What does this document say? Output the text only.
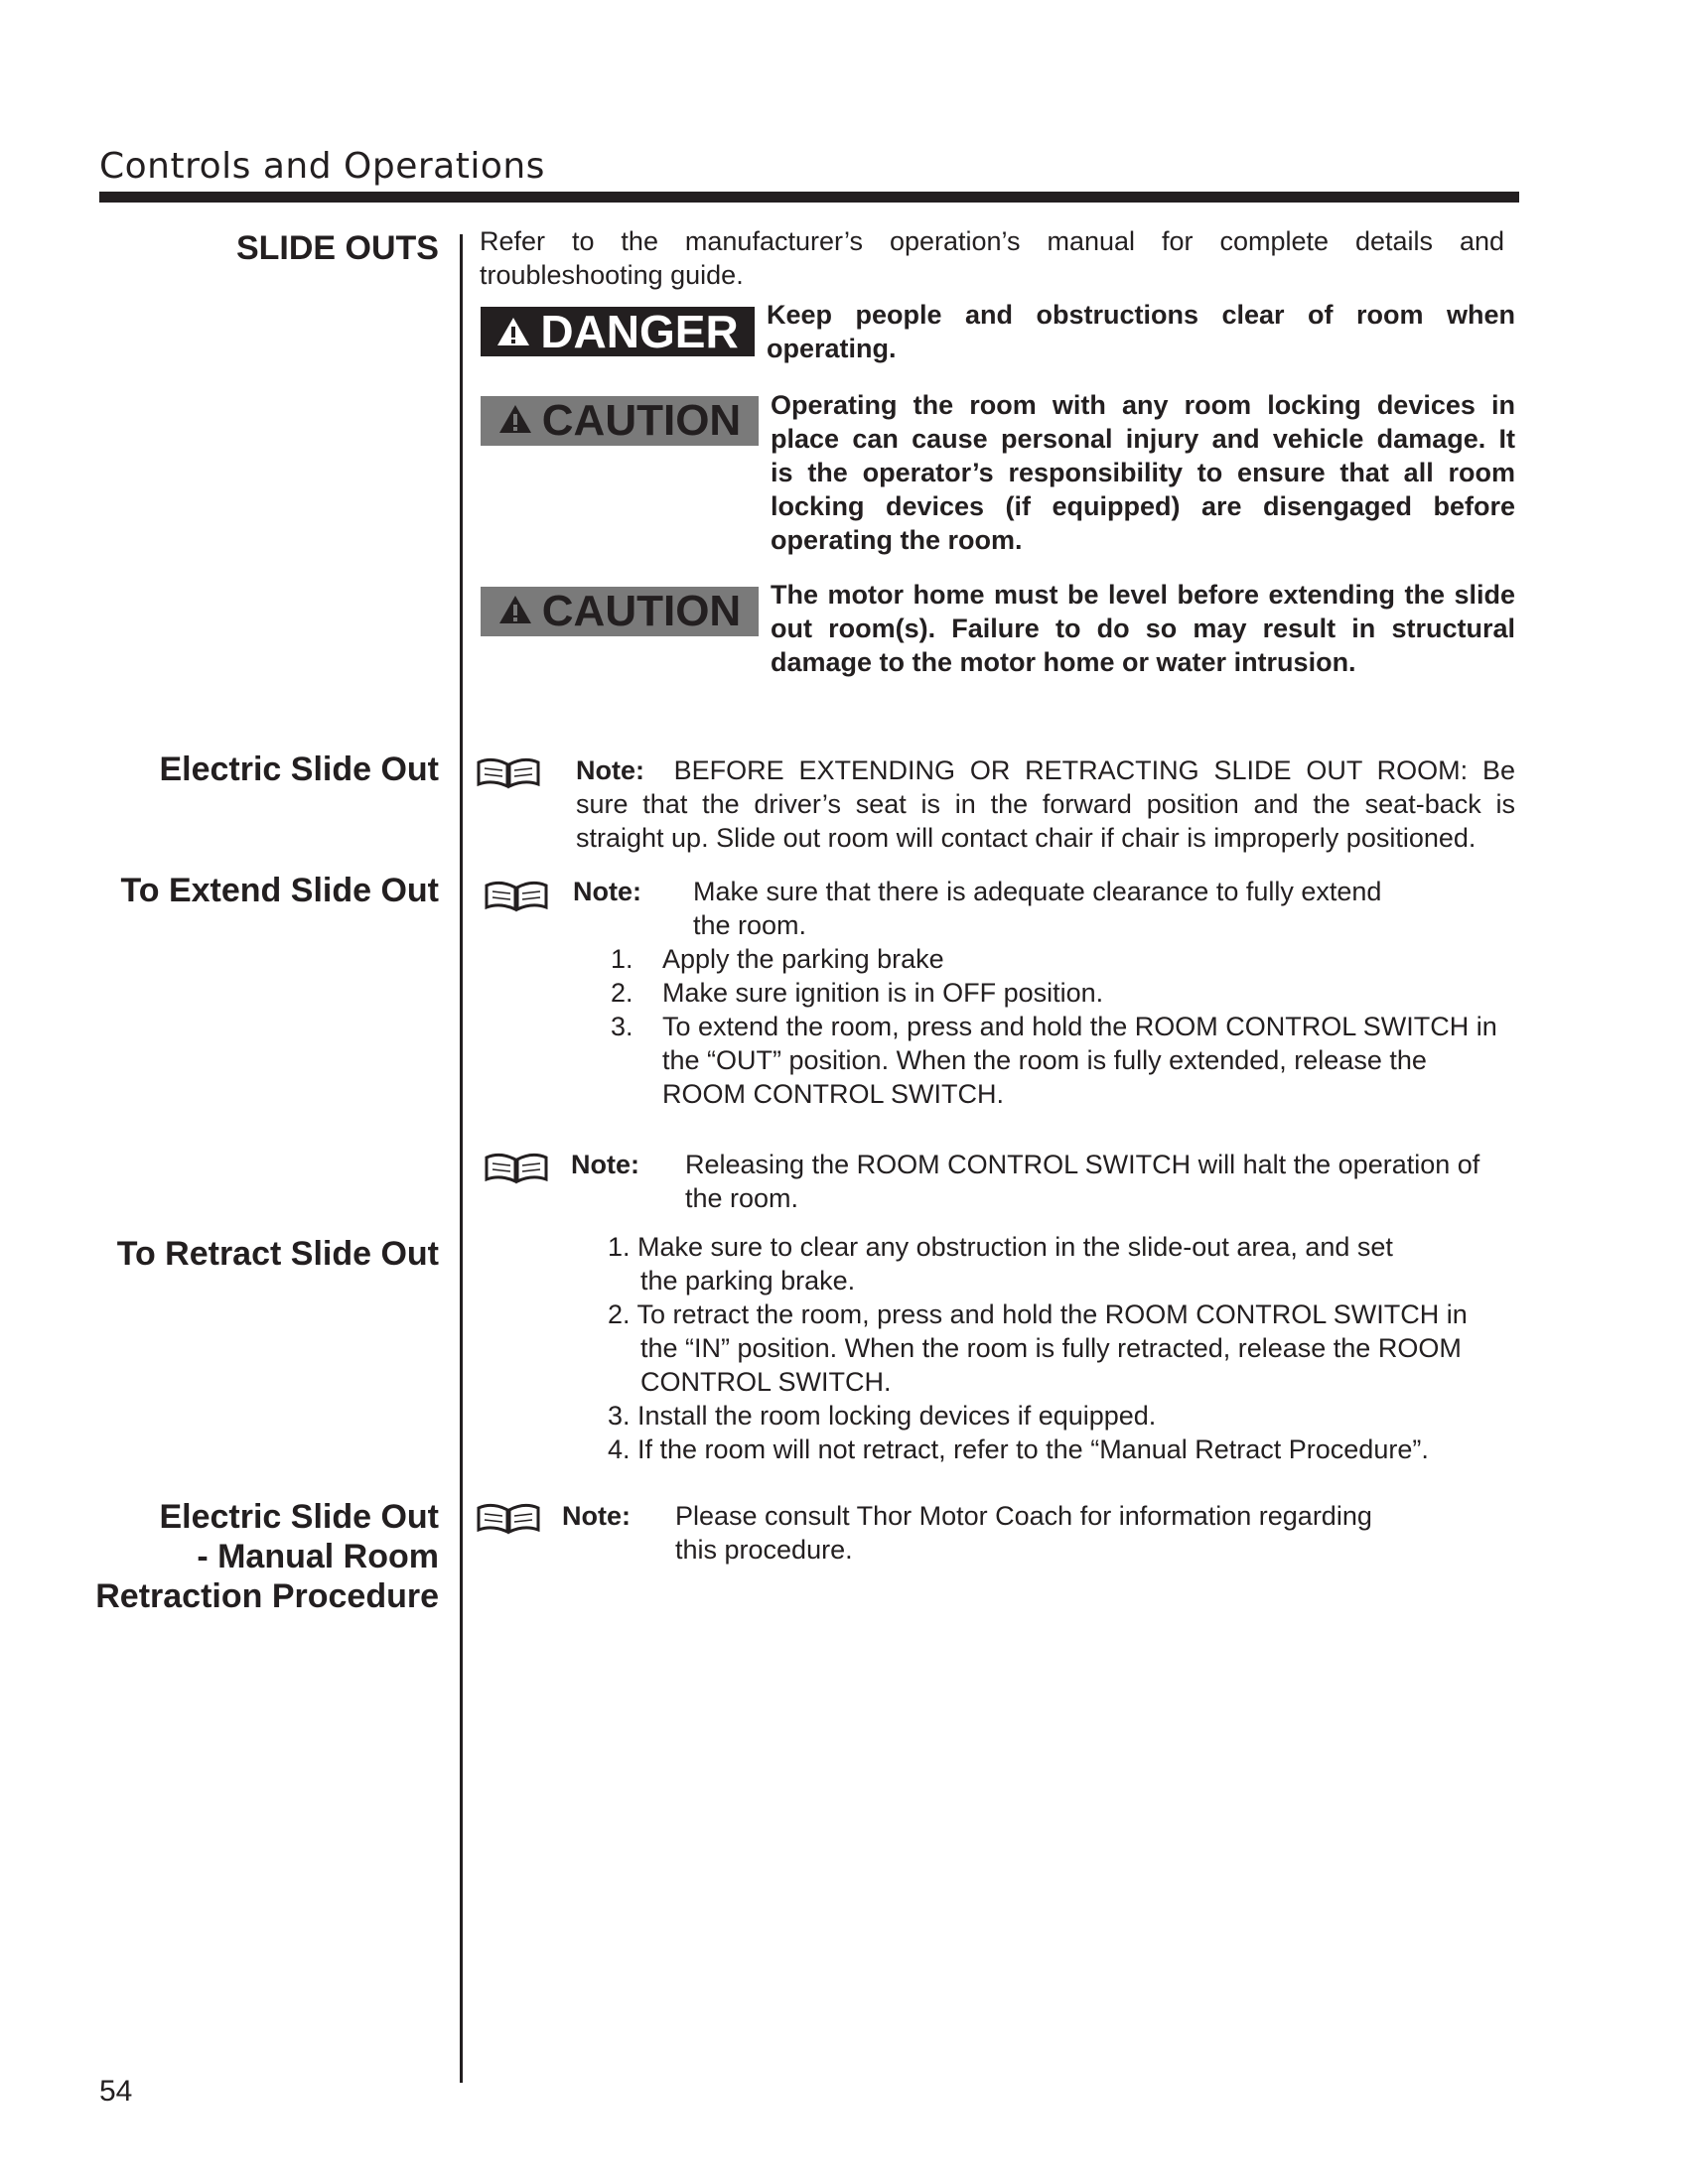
Controls and Operations
SLIDE OUTS
Electric Slide Out
To Extend Slide Out
To Retract Slide Out
Electric Slide Out
- Manual Room
Retraction Procedure
Refer to the manufacturer’s operation’s manual for complete details and
troubleshooting guide.
DANGER Keep people and obstructions clear of room when
operating.
CAUTION Operating the room with any room locking devices in
place can cause personal injury and vehicle damage. It
is the operator’s responsibility to ensure that all room
locking devices (if equipped) are disengaged before
operating the room.
CAUTION The motor home must be level before extending the slide
out room(s). Failure to do so may result in structural
damage to the motor home or water intrusion.
Note: BEFORE EXTENDING OR RETRACTING SLIDE OUT ROOM: Be
sure that the driver’s seat is in the forward position and the seat-back is
straight up. Slide out room will contact chair if chair is improperly positioned.
Note: Make sure that there is adequate clearance to fully extend
the room.
1. Apply the parking brake
2. Make sure ignition is in OFF position.
3. To extend the room, press and hold the ROOM CONTROL SWITCH in
the “OUT” position. When the room is fully extended, release the
ROOM CONTROL SWITCH.
Note: Releasing the ROOM CONTROL SWITCH will halt the operation of
the room.
1. Make sure to clear any obstruction in the slide-out area, and set
the parking brake.
2. To retract the room, press and hold the ROOM CONTROL SWITCH in
the “IN” position. When the room is fully retracted, release the ROOM
CONTROL SWITCH.
3. Install the room locking devices if equipped.
4. If the room will not retract, refer to the “Manual Retract Procedure”.
Note: Please consult Thor Motor Coach for information regarding
this procedure.
54
